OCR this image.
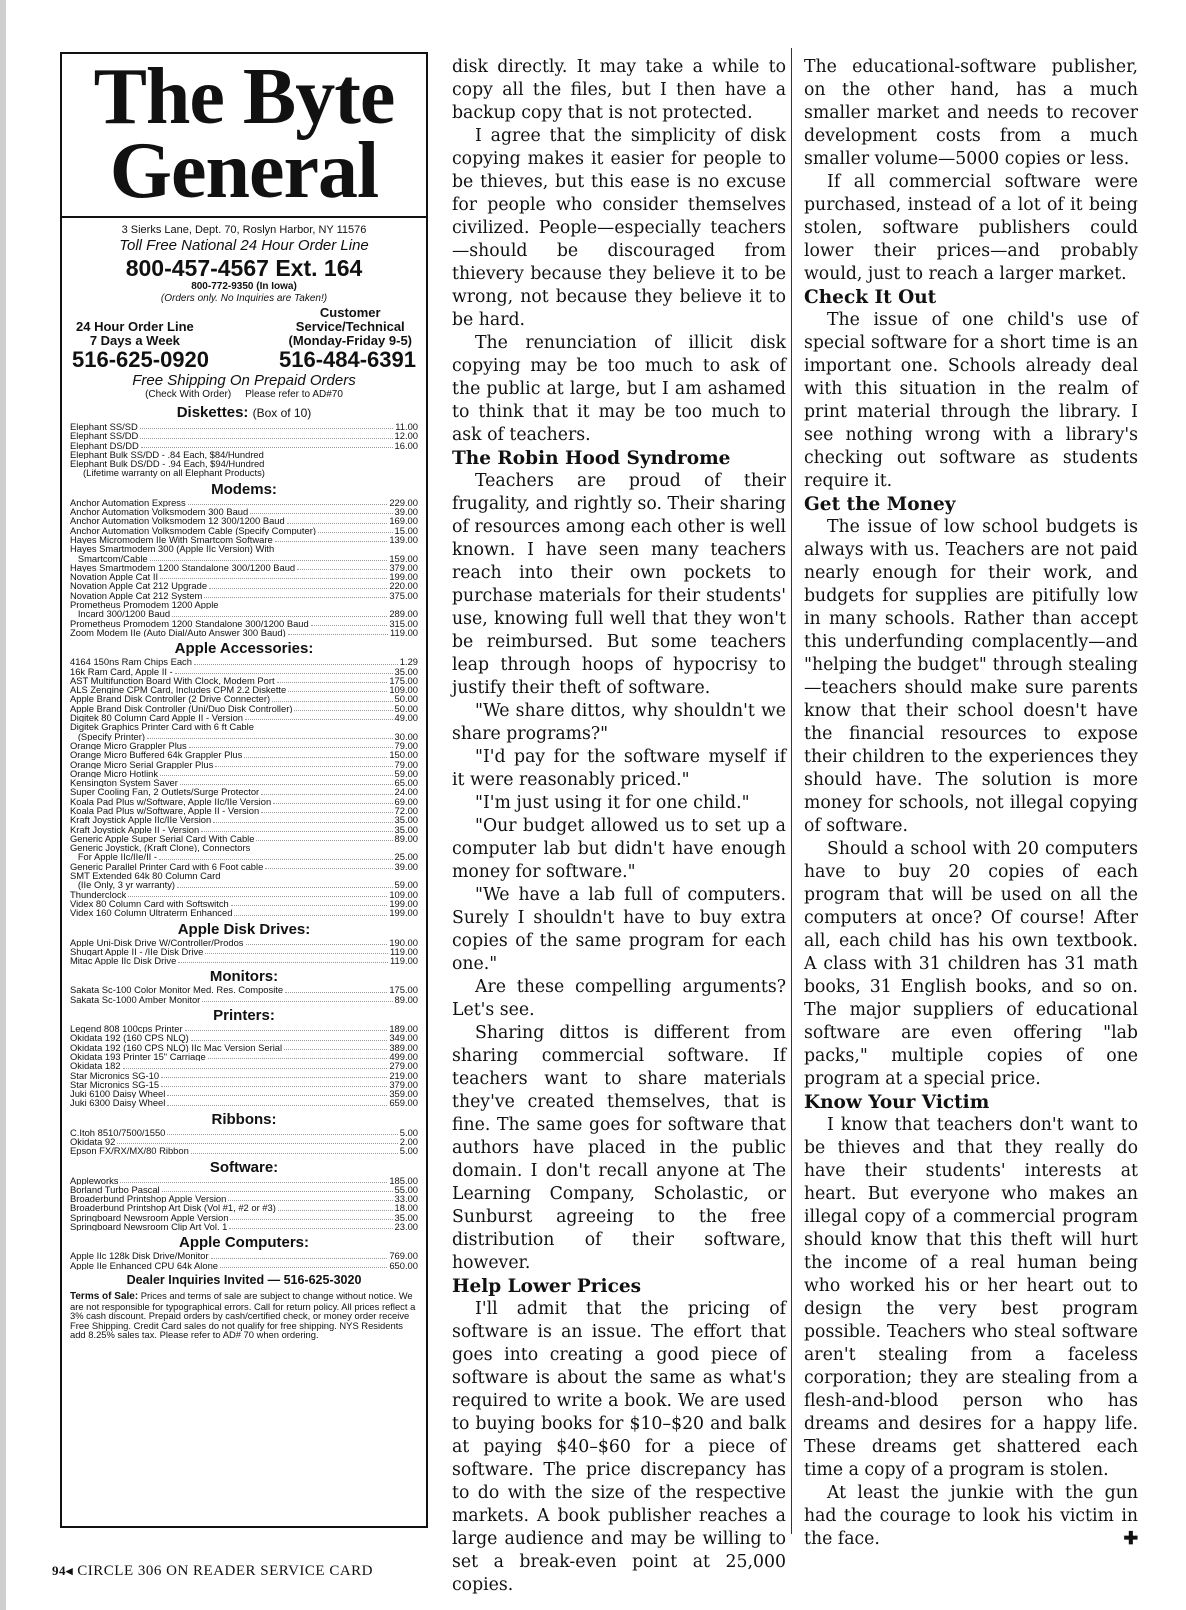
The Byte
General
3 Sierks Lane, Dept. 70, Roslyn Harbor, NY 11576
Toll Free National 24 Hour Order Line
800-457-4567 Ext. 164
800-772-9350 (In Iowa)
(Orders only. No Inquiries are Taken!)
24 Hour Order Line
7 Days a Week
Customer
Service/Technical
(Monday-Friday 9-5)
516-625-0920	516-484-6391
Free Shipping On Prepaid Orders
(Check With Order)     Please refer to AD#70
Diskettes: (Box of 10)
Elephant SS/SD	11.00
Elephant SS/DD	12.00
Elephant DS/DD	16.00
Elephant Bulk SS/DD - .84 Each, $84/Hundred
Elephant Bulk DS/DD - .94 Each, $94/Hundred
(Lifetime warranty on all Elephant Products)
Modems:
Anchor Automation Express	229.00
Anchor Automation Volksmodem 300 Baud	39.00
Anchor Automation Volksmodem 12 300/1200 Baud	169.00
Anchor Automation Volksmodem Cable (Specify Computer)	15.00
Hayes Micromodem IIe With Smartcom Software	139.00
Hayes Smartmodem 300 (Apple IIc Version) With
Smartcom/Cable	159.00
Hayes Smartmodem 1200 Standalone 300/1200 Baud	379.00
Novation Apple Cat II	199.00
Novation Apple Cat 212 Upgrade	220.00
Novation Apple Cat 212 System	375.00
Prometheus Promodem 1200 Apple
Incard 300/1200 Baud	289.00
Prometheus Promodem 1200 Standalone 300/1200 Baud	315.00
Zoom Modem IIe (Auto Dial/Auto Answer 300 Baud)	119.00
Apple Accessories:
4164 150ns Ram Chips Each	1.29
16k Ram Card, Apple II -	35.00
AST Multifunction Board With Clock, Modem Port	175.00
ALS Zengine CPM Card, Includes CPM 2.2 Diskette	109.00
Apple Brand Disk Controller (2 Drive Connecter)	50.00
Apple Brand Disk Controller (Uni/Duo Disk Controller)	50.00
Digitek 80 Column Card Apple II - Version	49.00
Digitek Graphics Printer Card with 6 ft Cable
(Specify Printer)	30.00
Orange Micro Grappler Plus	79.00
Orange Micro Buffered 64k Grappler Plus	150.00
Orange Micro Serial Grappler Plus	79.00
Orange Micro Hotlink	59.00
Kensington System Saver	65.00
Super Cooling Fan, 2 Outlets/Surge Protector	24.00
Koala Pad Plus w/Software, Apple IIc/IIe Version	69.00
Koala Pad Plus w/Software, Apple II - Version	72.00
Kraft Joystick Apple IIc/IIe Version	35.00
Kraft Joystick Apple II - Version	35.00
Generic Apple Super Serial Card With Cable	89.00
Generic Joystick, (Kraft Clone), Connectors
For Apple IIc/IIe/II -	25.00
Generic Parallel Printer Card with 6 Foot cable	39.00
SMT Extended 64k 80 Column Card
(IIe Only, 3 yr warranty)	59.00
Thunderclock	109.00
Videx 80 Column Card with Softswitch	199.00
Videx 160 Column Ultraterm Enhanced	199.00
Apple Disk Drives:
Apple Uni-Disk Drive W/Controller/Prodos	190.00
Shugart Apple II - /IIe Disk Drive	119.00
Mitac Apple IIc Disk Drive	119.00
Monitors:
Sakata Sc-100 Color Monitor Med. Res. Composite	175.00
Sakata Sc-1000 Amber Monitor	89.00
Printers:
Legend 808 100cps Printer	189.00
Okidata 192 (160 CPS NLQ)	349.00
Okidata 192 (160 CPS NLQ) IIc Mac Version Serial	389.00
Okidata 193 Printer 15" Carriage	499.00
Okidata 182	279.00
Star Micronics SG-10	219.00
Star Micronics SG-15	379.00
Juki 6100 Daisy Wheel	359.00
Juki 6300 Daisy Wheel	659.00
Ribbons:
C.Itoh 8510/7500/1550	5.00
Okidata 92	2.00
Epson FX/RX/MX/80 Ribbon	5.00
Software:
Appleworks	185.00
Borland Turbo Pascal	55.00
Broaderbund Printshop Apple Version	33.00
Broaderbund Printshop Art Disk (Vol #1, #2 or #3)	18.00
Springboard Newsroom Apple Version	35.00
Springboard Newsroom Clip Art Vol. 1	23.00
Apple Computers:
Apple IIc 128k Disk Drive/Monitor	769.00
Apple IIe Enhanced CPU 64k Alone	650.00
Dealer Inquiries Invited — 516-625-3020
Terms of Sale: Prices and terms of sale are subject to change without notice. We are not responsible for typographical errors. Call for return policy. All prices reflect a 3% cash discount. Prepaid orders by cash/certified check, or money order receive Free Shipping. Credit Card sales do not qualify for free shipping. NYS Residents add 8.25% sales tax. Please refer to AD# 70 when ordering.
94◂ CIRCLE 306 ON READER SERVICE CARD

disk directly. It may take a while to copy all the files, but I then have a backup copy that is not protected.

I agree that the simplicity of disk copying makes it easier for people to be thieves, but this ease is no excuse for people who consider themselves civilized. People—especially teachers—should be discouraged from thievery because they believe it to be wrong, not because they believe it to be hard.

The renunciation of illicit disk copying may be too much to ask of the public at large, but I am ashamed to think that it may be too much to ask of teachers.

The Robin Hood Syndrome

Teachers are proud of their frugality, and rightly so. Their sharing of resources among each other is well known. I have seen many teachers reach into their own pockets to purchase materials for their students' use, knowing full well that they won't be reimbursed. But some teachers leap through hoops of hypocrisy to justify their theft of software.

"We share dittos, why shouldn't we share programs?"

"I'd pay for the software myself if it were reasonably priced."

"I'm just using it for one child."

"Our budget allowed us to set up a computer lab but didn't have enough money for software."

"We have a lab full of computers. Surely I shouldn't have to buy extra copies of the same program for each one."

Are these compelling arguments? Let's see.

Sharing dittos is different from sharing commercial software. If teachers want to share materials they've created themselves, that is fine. The same goes for software that authors have placed in the public domain. I don't recall anyone at The Learning Company, Scholastic, or Sunburst agreeing to the free distribution of their software, however.

Help Lower Prices

I'll admit that the pricing of software is an issue. The effort that goes into creating a good piece of software is about the same as what's required to write a book. We are used to buying books for $10–$20 and balk at paying $40–$60 for a piece of software. The price discrepancy has to do with the size of the respective markets. A book publisher reaches a large audience and may be willing to set a break-even point at 25,000 copies.

The educational-software publisher, on the other hand, has a much smaller market and needs to recover development costs from a much smaller volume—5000 copies or less.

If all commercial software were purchased, instead of a lot of it being stolen, software publishers could lower their prices—and probably would, just to reach a larger market.

Check It Out

The issue of one child's use of special software for a short time is an important one. Schools already deal with this situation in the realm of print material through the library. I see nothing wrong with a library's checking out software as students require it.

Get the Money

The issue of low school budgets is always with us. Teachers are not paid nearly enough for their work, and budgets for supplies are pitifully low in many schools. Rather than accept this underfunding complacently—and "helping the budget" through stealing—teachers should make sure parents know that their school doesn't have the financial resources to expose their children to the experiences they should have. The solution is more money for schools, not illegal copying of software.

Should a school with 20 computers have to buy 20 copies of each program that will be used on all the computers at once? Of course! After all, each child has his own textbook. A class with 31 children has 31 math books, 31 English books, and so on. The major suppliers of educational software are even offering "lab packs," multiple copies of one program at a special price.

Know Your Victim

I know that teachers don't want to be thieves and that they really do have their students' interests at heart. But everyone who makes an illegal copy of a commercial program should know that this theft will hurt the income of a real human being who worked his or her heart out to design the very best program possible. Teachers who steal software aren't stealing from a faceless corporation; they are stealing from a flesh-and-blood person who has dreams and desires for a happy life. These dreams get shattered each time a copy of a program is stolen.

At least the junkie with the gun had the courage to look his victim in the face.	✚
